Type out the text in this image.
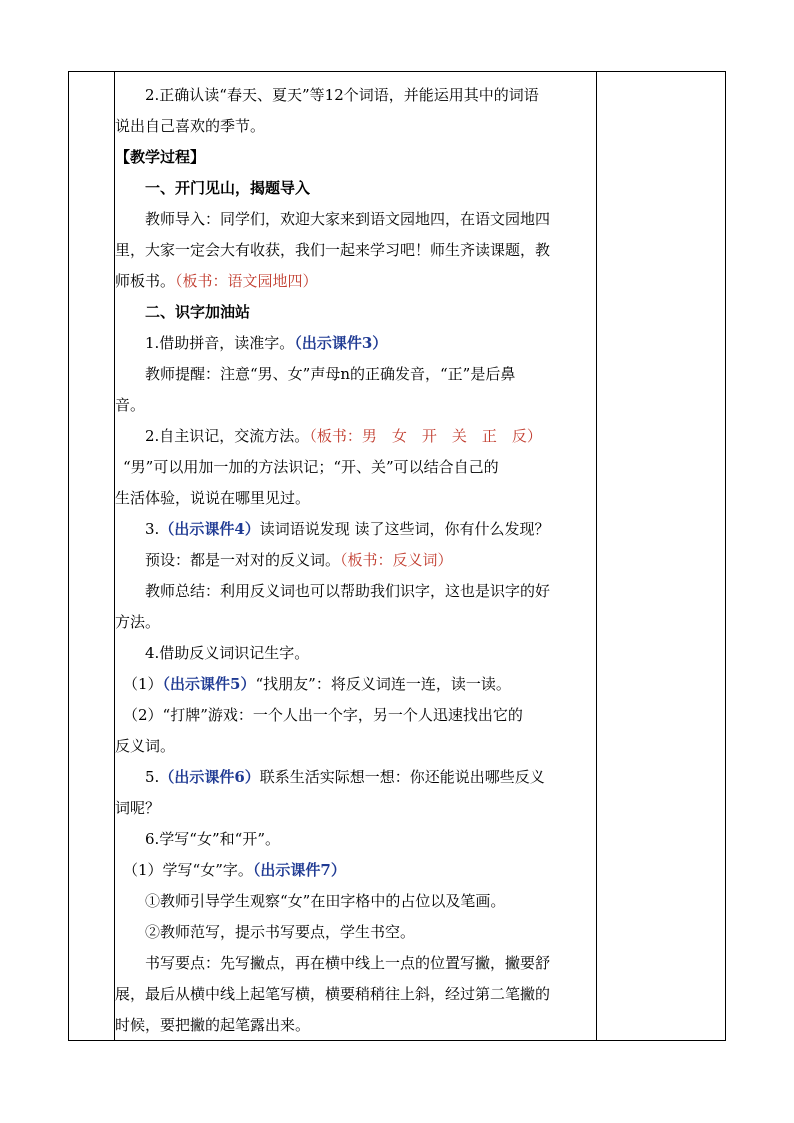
2.正确认读“春天、夏天”等12个词语，并能运用其中的词语

说出自己喜欢的季节。

【教学过程】

一、开门见山，揭题导入

教师导入：同学们，欢迎大家来到语文园地四，在语文园地四

里，大家一定会大有收获，我们一起来学习吧！师生齐读课题，教

师板书。（板书：语文园地四）

二、识字加油站

1.借助拼音，读准字。（出示课件3）

教师提醒：注意“男、女”声母n的正确发音，“正”是后鼻

音。

2.自主识记，交流方法。（板书：男　女　开　关　正　反）

“男”可以用加一加的方法识记；“开、关”可以结合自己的

生活体验，说说在哪里见过。

3.（出示课件4）读词语说发现 读了这些词，你有什么发现？

预设：都是一对对的反义词。（板书：反义词）

教师总结：利用反义词也可以帮助我们识字，这也是识字的好

方法。

4.借助反义词识记生字。

（1）（出示课件5）“找朋友”：将反义词连一连，读一读。

（2）“打牌”游戏：一个人出一个字，另一个人迅速找出它的

反义词。

5.（出示课件6）联系生活实际想一想：你还能说出哪些反义

词呢？

6.学写“女”和“开”。

（1）学写“女”字。（出示课件7）

①教师引导学生观察“女”在田字格中的占位以及笔画。

②教师范写，提示书写要点，学生书空。

书写要点：先写撇点，再在横中线上一点的位置写撇，撇要舒

展，最后从横中线上起笔写横，横要稍稍往上斜，经过第二笔撇的

时候，要把撇的起笔露出来。
